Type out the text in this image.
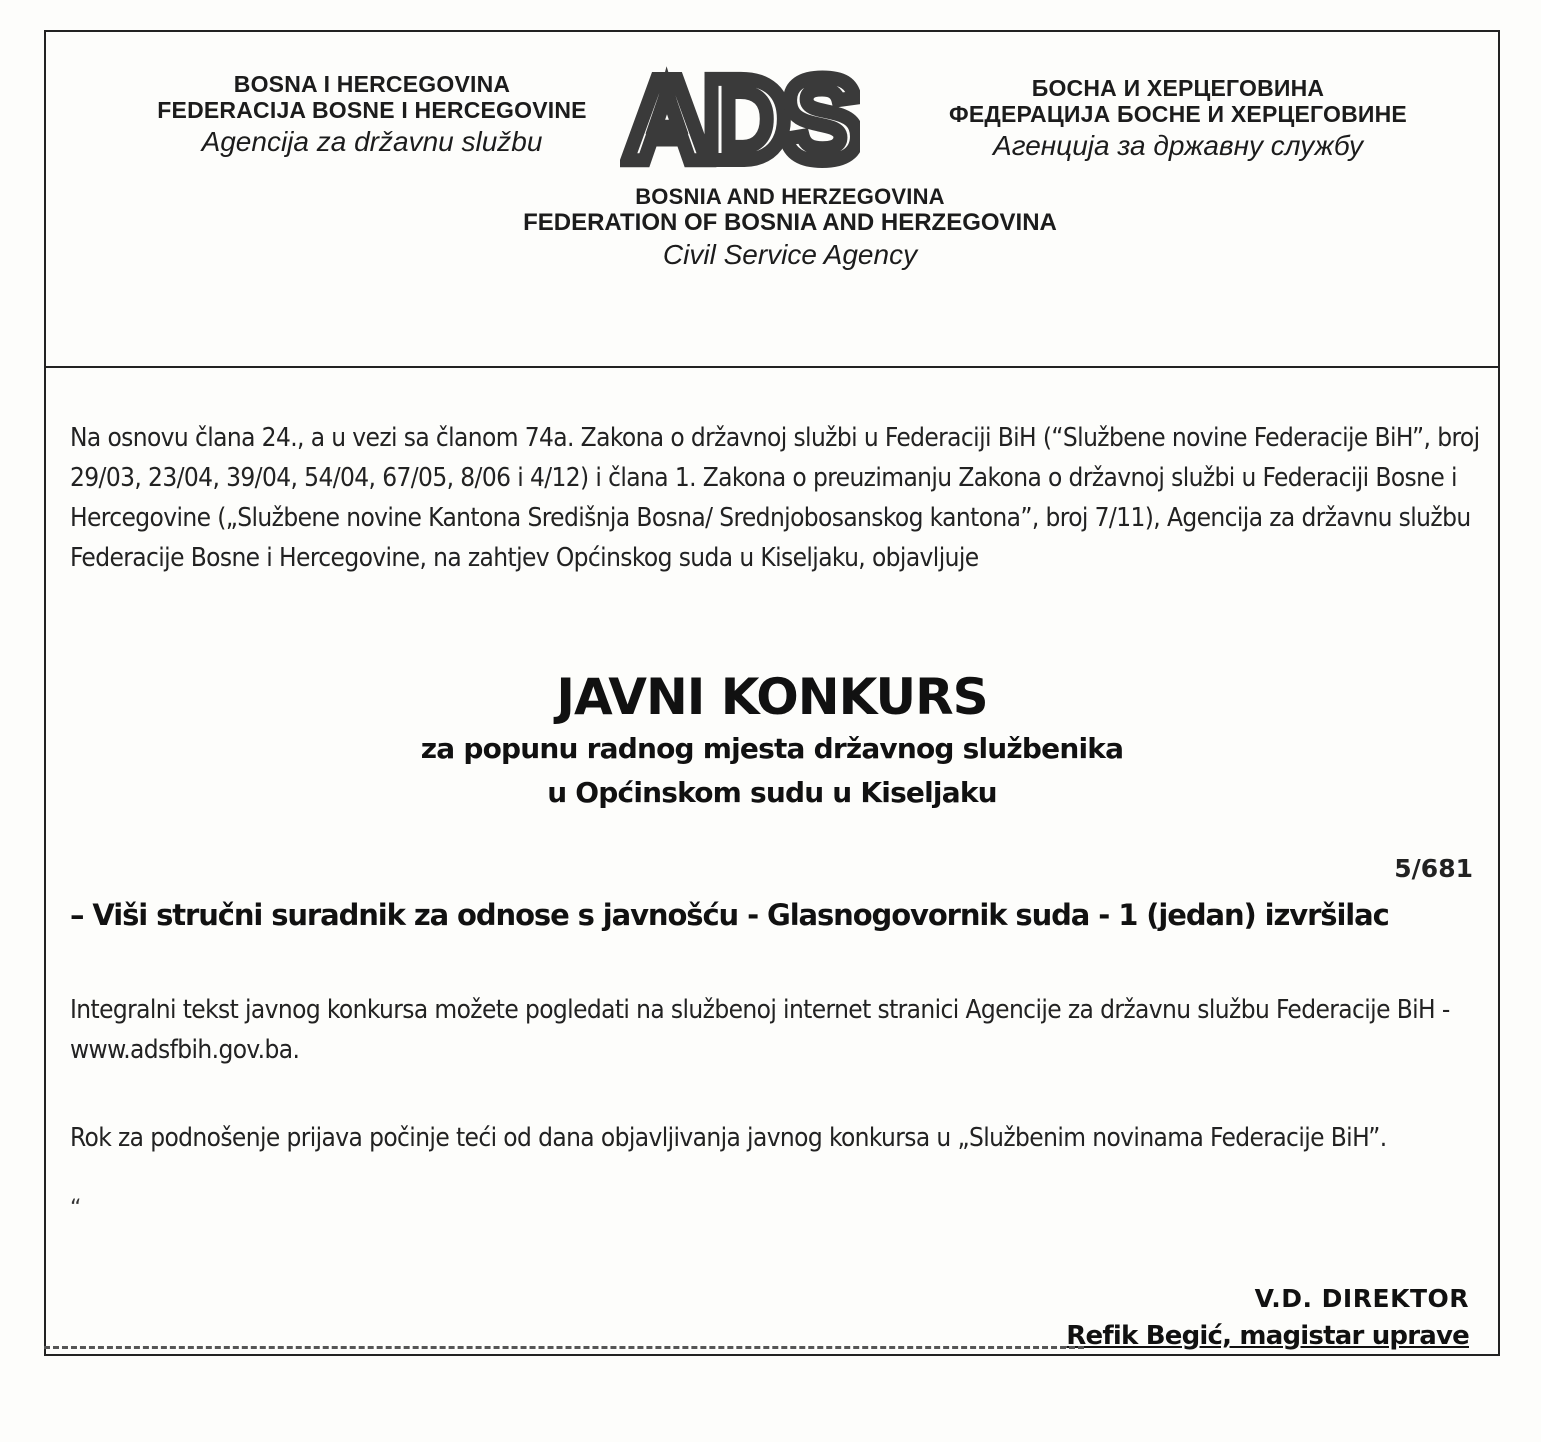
BOSNA I HERCEGOVINA
FEDERACIJA BOSNE I HERCEGOVINE
Agencija za državnu službu ADS	БОСНА И ХЕРЦЕГОВИНА
ФЕДЕРАЦИЈА БОСНЕ И ХЕРЦЕГОВИНЕ
Агенција за државну службу
BOSNIA AND HERZEGOVINA
FEDERATION OF BOSNIA AND HERZEGOVINA
Civil Service Agency
Na osnovu člana 24., a u vezi sa članom 74a. Zakona o državnoj službi u Federaciji BiH (“Službene novine Federacije BiH”, broj 29/03, 23/04, 39/04, 54/04, 67/05, 8/06 i 4/12) i člana 1. Zakona o preuzimanju Zakona o državnoj službi u Federaciji Bosne i Hercegovine („Službene novine Kantona Središnja Bosna/ Srednjobosanskog kantona”, broj 7/11), Agencija za državnu službu Federacije Bosne i Hercegovine, na zahtjev Općinskog suda u Kiseljaku, objavljuje
JAVNI KONKURS
za popunu radnog mjesta državnog službenika
u Općinskom sudu u Kiseljaku
5/681
– Viši stručni suradnik za odnose s javnošću - Glasnogovornik suda - 1 (jedan) izvršilac
Integralni tekst javnog konkursa možete pogledati na službenoj internet stranici Agencije za državnu službu Federacije BiH - www.adsfbih.gov.ba.
Rok za podnošenje prijava počinje teći od dana objavljivanja javnog konkursa u „Službenim novinama Federacije BiH”.
“
V.D. DIREKTOR
Refik Begić, magistar uprave
